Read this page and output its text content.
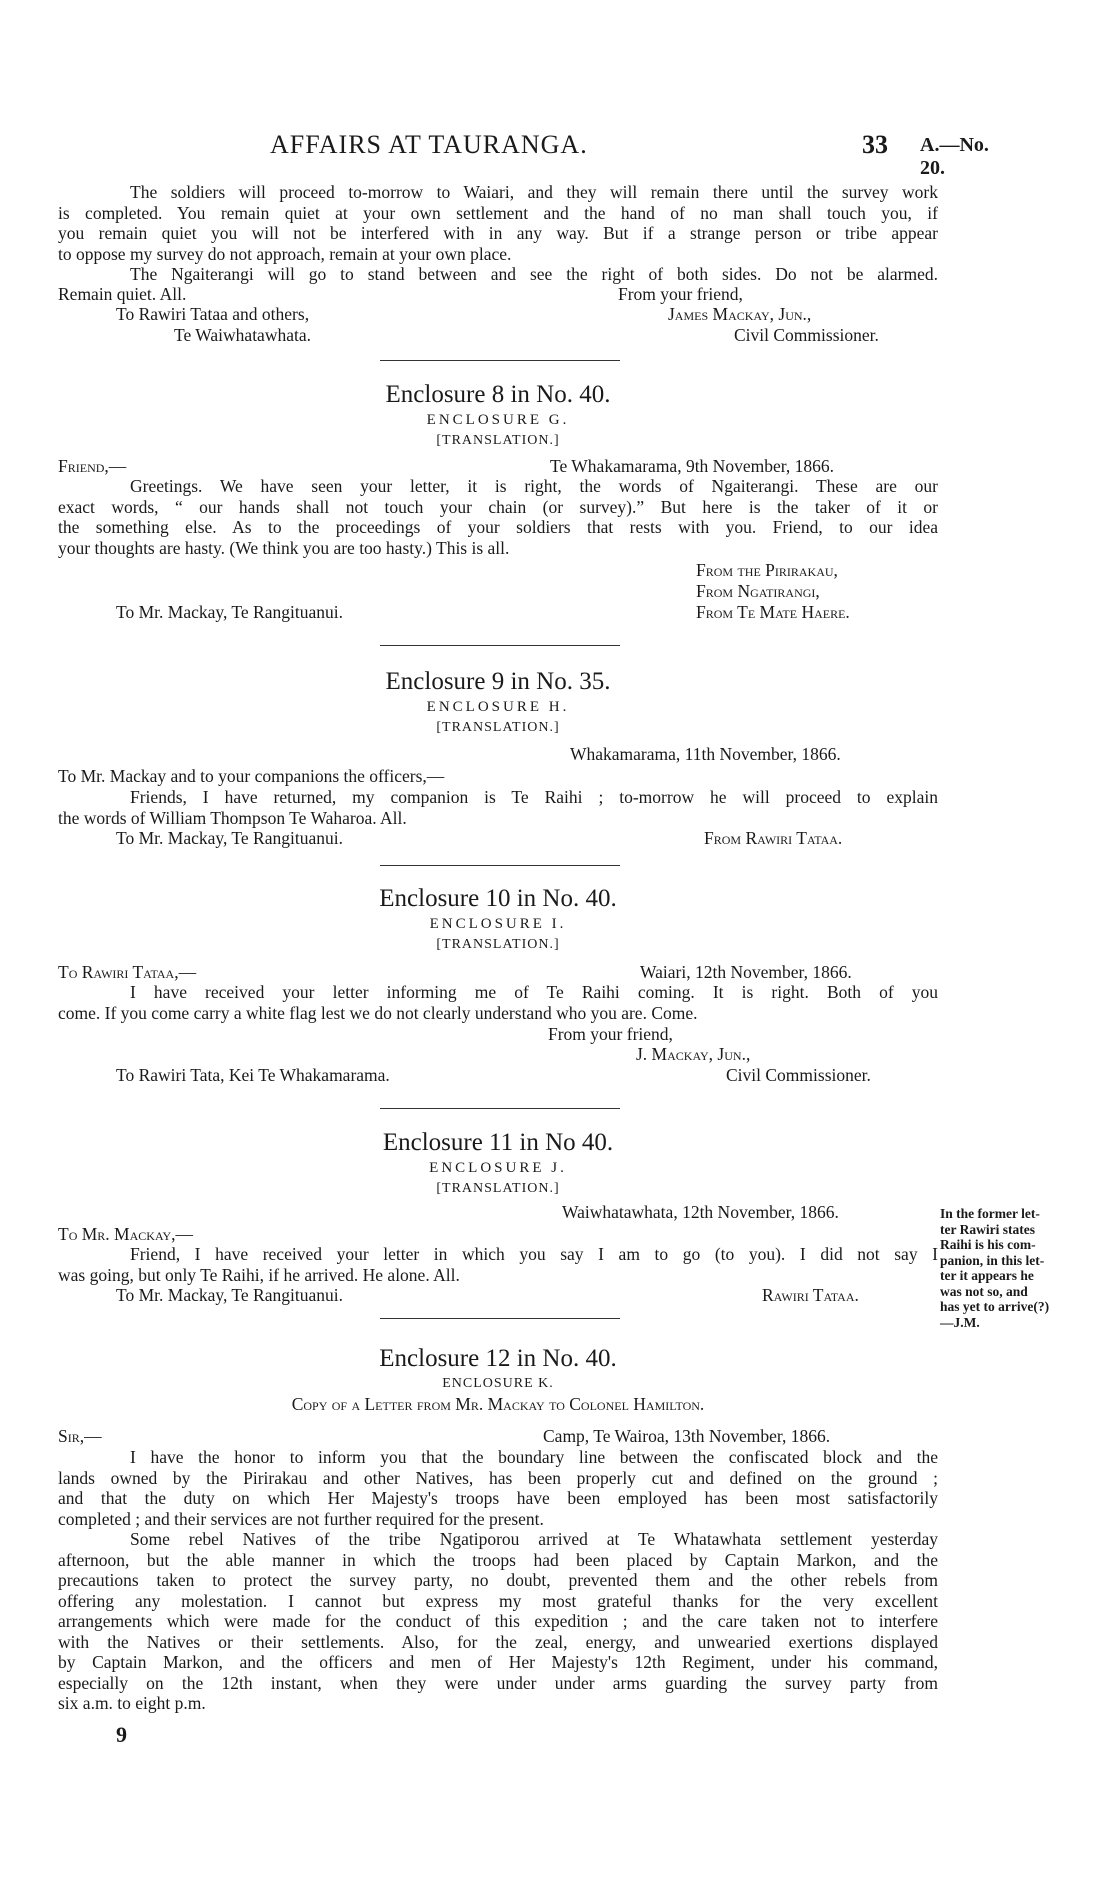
AFFAIRS AT TAURANGA.	33 A.—No. 20.
The soldiers will proceed to-morrow to Waiari, and they will remain there until the survey work
is completed. You remain quiet at your own settlement and the hand of no man shall touch you, if
you remain quiet you will not be interfered with in any way. But if a strange person or tribe appear
to oppose my survey do not approach, remain at your own place.
The Ngaiterangi will go to stand between and see the right of both sides. Do not be alarmed.
Remain quiet. All.	From your friend,
To Rawiri Tataa and others,	James Mackay, Jun.,
Te Waiwhatawhata.	Civil Commissioner.
Enclosure 8 in No. 40.
ENCLOSURE G.
[TRANSLATION.]
Friend,—	Te Whakamarama, 9th November, 1866.
Greetings. We have seen your letter, it is right, the words of Ngaiterangi. These are our
exact words, “ our hands shall not touch your chain (or survey).” But here is the taker of it or
the something else. As to the proceedings of your soldiers that rests with you. Friend, to our idea
your thoughts are hasty. (We think you are too hasty.) This is all.
From the Pirirakau,
From Ngatirangi,
To Mr. Mackay, Te Rangituanui.	From Te Mate Haere.
Enclosure 9 in No. 35.
ENCLOSURE H.
[TRANSLATION.]
Whakamarama, 11th November, 1866.
To Mr. Mackay and to your companions the officers,—
Friends, I have returned, my companion is Te Raihi ; to-morrow he will proceed to explain
the words of William Thompson Te Waharoa. All.
To Mr. Mackay, Te Rangituanui.	From Rawiri Tataa.
Enclosure 10 in No. 40.
ENCLOSURE I.
[TRANSLATION.]
To Rawiri Tataa,—	Waiari, 12th November, 1866.
I have received your letter informing me of Te Raihi coming. It is right. Both of you
come. If you come carry a white flag lest we do not clearly understand who you are. Come.
From your friend,
J. Mackay, Jun.,
To Rawiri Tata, Kei Te Whakamarama.	Civil Commissioner.
Enclosure 11 in No 40.
ENCLOSURE J.
[TRANSLATION.]
Waiwhatawhata, 12th November, 1866.
To Mr. Mackay,—
Friend, I have received your letter in which you say I am to go (to you). I did not say I
was going, but only Te Raihi, if he arrived. He alone. All.
To Mr. Mackay, Te Rangituanui.	Rawiri Tataa.
Enclosure 12 in No. 40.
ENCLOSURE K.
Copy of a Letter from Mr. Mackay to Colonel Hamilton.
Sir,—	Camp, Te Wairoa, 13th November, 1866.
I have the honor to inform you that the boundary line between the confiscated block and the
lands owned by the Pirirakau and other Natives, has been properly cut and defined on the ground ;
and that the duty on which Her Majesty's troops have been employed has been most satisfactorily
completed ; and their services are not further required for the present.
Some rebel Natives of the tribe Ngatiporou arrived at Te Whatawhata settlement yesterday
afternoon, but the able manner in which the troops had been placed by Captain Markon, and the
precautions taken to protect the survey party, no doubt, prevented them and the other rebels from
offering any molestation. I cannot but express my most grateful thanks for the very excellent
arrangements which were made for the conduct of this expedition ; and the care taken not to interfere
with the Natives or their settlements. Also, for the zeal, energy, and unwearied exertions displayed
by Captain Markon, and the officers and men of Her Majesty's 12th Regiment, under his command,
especially on the 12th instant, when they were under under arms guarding the survey party from
six a.m. to eight p.m.
In the former let-
ter Rawiri states
Raihi is his com-
panion, in this let-
ter it appears he
was not so, and
has yet to arrive(?)
—J.M.
9
